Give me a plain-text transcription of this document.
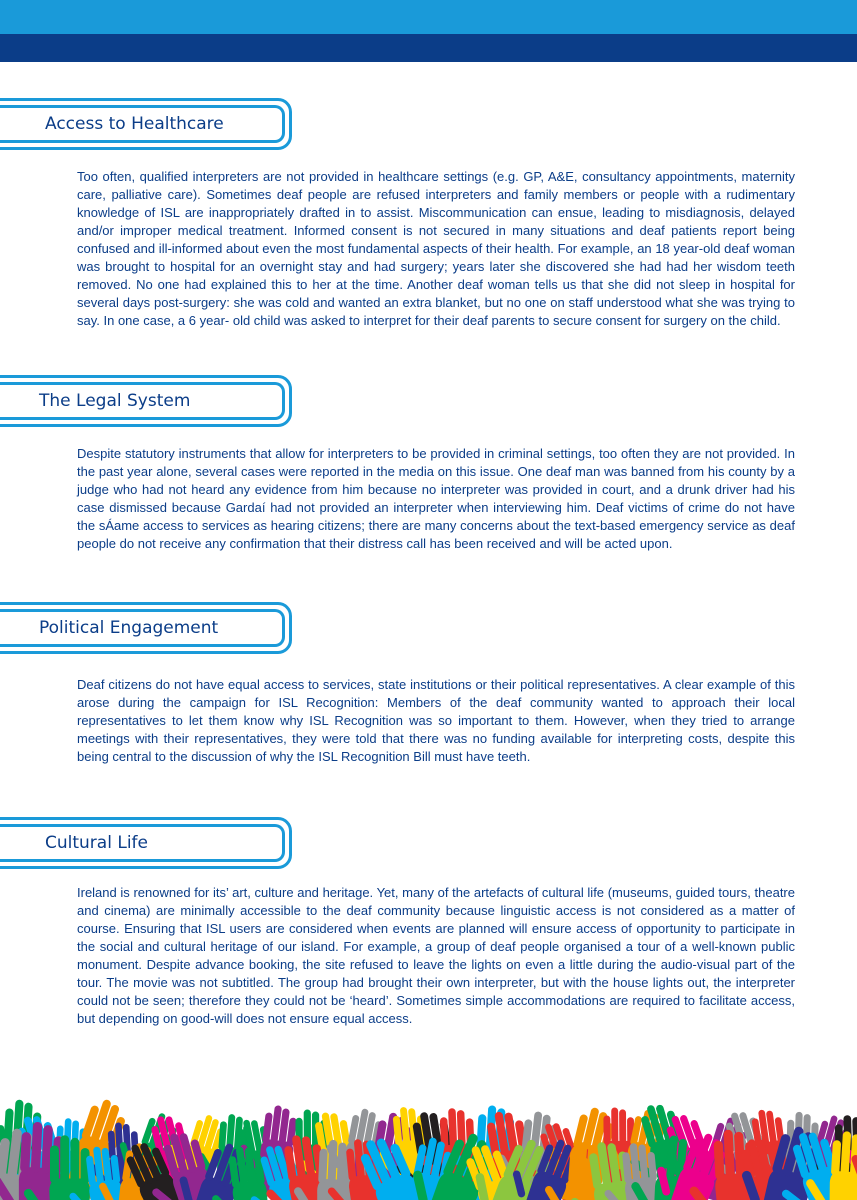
Access to Healthcare

Too often, qualified interpreters are not provided in healthcare settings (e.g. GP, A&E, consultancy appointments, maternity care, palliative care). Sometimes deaf people are refused interpreters and family members or people with a rudimentary knowledge of ISL are inappropriately drafted in to assist. Miscommunication can ensue, leading to misdiagnosis, delayed and/or improper medical treatment. Informed consent is not secured in many situations and deaf patients report being confused and ill-informed about even the most fundamental aspects of their health. For example, an 18 year-old deaf woman was brought to hospital for an overnight stay and had surgery; years later she discovered she had had her wisdom teeth removed. No one had explained this to her at the time. Another deaf woman tells us that she did not sleep in hospital for several days post-surgery: she was cold and wanted an extra blanket, but no one on staff understood what she was trying to say. In one case, a 6 year- old child was asked to interpret for their deaf parents to secure consent for surgery on the child.

The Legal System

Despite statutory instruments that allow for interpreters to be provided in criminal settings, too often they are not provided. In the past year alone, several cases were reported in the media on this issue. One deaf man was banned from his county by a judge who had not heard any evidence from him because no interpreter was provided in court, and a drunk driver had his case dismissed because Gardaí had not provided an interpreter when interviewing him. Deaf victims of crime do not have the sÁame access to services as hearing citizens; there are many concerns about the text-based emergency service as deaf people do not receive any confirmation that their distress call has been received and will be acted upon.

Political Engagement

Deaf citizens do not have equal access to services, state institutions or their political representatives. A clear example of this arose during the campaign for ISL Recognition: Members of the deaf community wanted to approach their local representatives to let them know why ISL Recognition was so important to them. However, when they tried to arrange meetings with their representatives, they were told that there was no funding available for interpreting costs, despite this being central to the discussion of why the ISL Recognition Bill must have teeth.

Cultural Life

Ireland is renowned for its’ art, culture and heritage. Yet, many of the artefacts of cultural life (museums, guided tours, theatre and cinema) are minimally accessible to the deaf community because linguistic access is not considered as a matter of course. Ensuring that ISL users are considered when events are planned will ensure access of opportunity to participate in the social and cultural heritage of our island. For example, a group of deaf people organised a tour of a well-known public monument. Despite advance booking, the site refused to leave the lights on even a little during the audio-visual part of the tour. The movie was not subtitled. The group had brought their own interpreter, but with the house lights out, the interpreter could not be seen; therefore they could not be ‘heard’. Sometimes simple accommodations are required to facilitate access, but depending on good-will does not ensure equal access.
